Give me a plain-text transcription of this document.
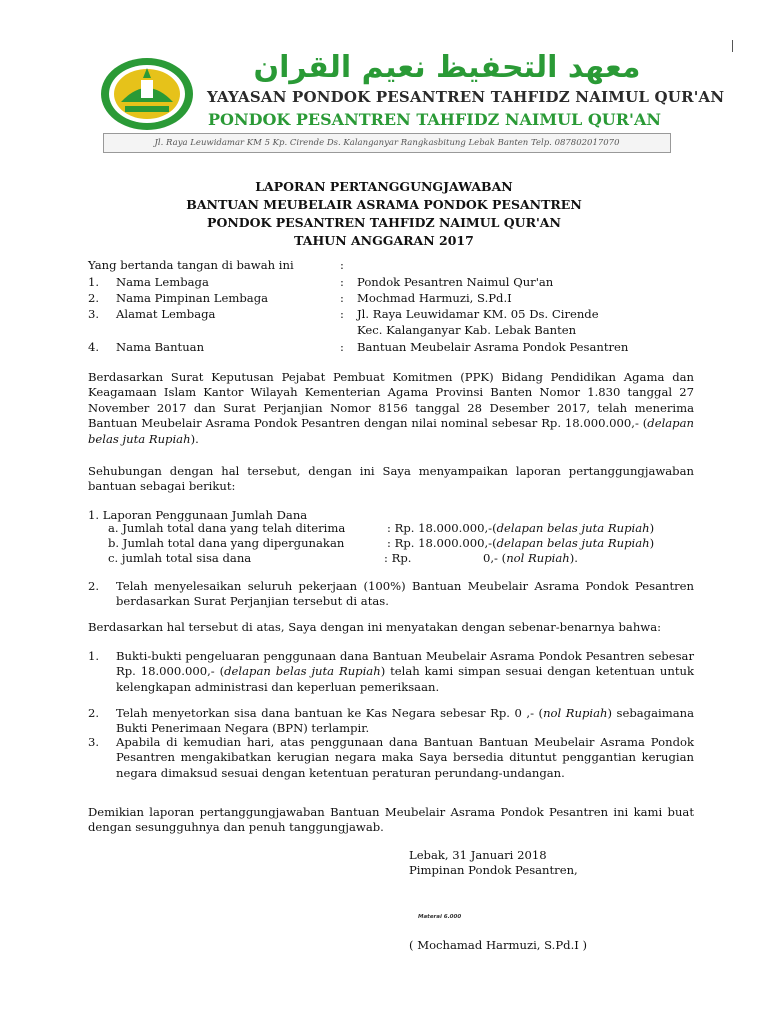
معهد التحفيظ نعيم القران
YAYASAN PONDOK PESANTREN TAHFIDZ NAIMUL QUR'AN
PONDOK PESANTREN TAHFIDZ NAIMUL QUR'AN
Jl. Raya Leuwidamar KM 5 Kp. Cirende Ds. Kalanganyar Rangkasbitung Lebak Banten Telp. 087802017070
LAPORAN PERTANGGUNGJAWABAN
BANTUAN MEUBELAIR ASRAMA PONDOK PESANTREN
PONDOK PESANTREN TAHFIDZ NAIMUL QUR'AN
TAHUN ANGGARAN 2017
Yang bertanda tangan di bawah ini	:
1. Nama Lembaga	: Pondok Pesantren Naimul Qur'an
2. Nama Pimpinan Lembaga	: Mochmad Harmuzi, S.Pd.I
3. Alamat Lembaga	: Jl. Raya Leuwidamar KM. 05 Ds. Cirende
Kec. Kalanganyar Kab. Lebak Banten
4. Nama Bantuan	: Bantuan Meubelair Asrama Pondok Pesantren
Berdasarkan Surat Keputusan Pejabat Pembuat Komitmen (PPK) Bidang Pendidikan Agama dan Keagamaan Islam Kantor Wilayah Kementerian Agama Provinsi Banten Nomor 1.830 tanggal 27 November 2017 dan Surat Perjanjian Nomor 8156 tanggal 28 Desember 2017, telah menerima Bantuan Meubelair Asrama Pondok Pesantren dengan nilai nominal sebesar Rp. 18.000.000,- (delapan belas juta Rupiah).
Sehubungan dengan hal tersebut, dengan ini Saya menyampaikan laporan pertanggungjawaban bantuan sebagai berikut:
1. Laporan Penggunaan Jumlah Dana
a. Jumlah total dana yang telah diterima	: Rp. 18.000.000,-(delapan belas juta Rupiah)
b. Jumlah total dana yang dipergunakan	: Rp. 18.000.000,-(delapan belas juta Rupiah)
c. jumlah total sisa dana	: Rp.	0,- (nol Rupiah).
2. Telah menyelesaikan seluruh pekerjaan (100%) Bantuan Meubelair Asrama Pondok Pesantren berdasarkan Surat Perjanjian tersebut di atas.
Berdasarkan hal tersebut di atas, Saya dengan ini menyatakan dengan sebenar-benarnya bahwa:
1. Bukti-bukti pengeluaran penggunaan dana Bantuan Meubelair Asrama Pondok Pesantren sebesar Rp. 18.000.000,- (delapan belas juta Rupiah) telah kami simpan sesuai dengan ketentuan untuk kelengkapan administrasi dan keperluan pemeriksaan.
2. Telah menyetorkan sisa dana bantuan ke Kas Negara sebesar Rp. 0 ,- (nol Rupiah) sebagaimana Bukti Penerimaan Negara (BPN) terlampir.
3. Apabila di kemudian hari, atas penggunaan dana Bantuan Bantuan Meubelair Asrama Pondok Pesantren mengakibatkan kerugian negara maka Saya bersedia dituntut penggantian kerugian negara dimaksud sesuai dengan ketentuan peraturan perundang-undangan.
Demikian laporan pertanggungjawaban Bantuan Meubelair Asrama Pondok Pesantren ini kami buat dengan sesungguhnya dan penuh tanggungjawab.
Lebak, 31 Januari 2018
Pimpinan Pondok Pesantren,
Materai 6.000
( Mochamad Harmuzi, S.Pd.I )
